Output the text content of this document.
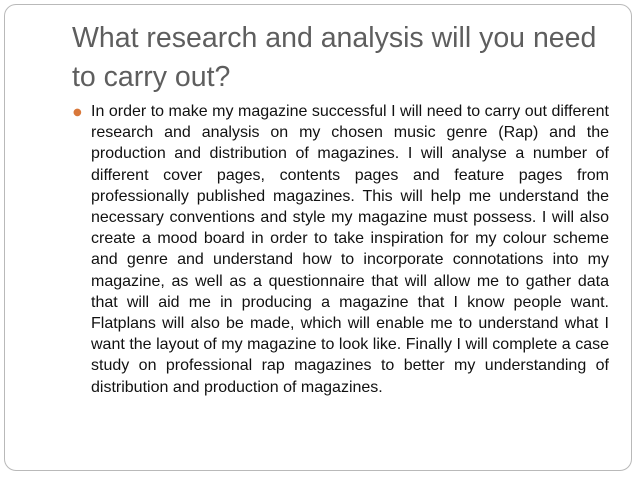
What research and analysis will you need to carry out?
● In order to make my magazine successful I will need to carry out different research and analysis on my chosen music genre (Rap) and the production and distribution of magazines. I will analyse a number of different cover pages, contents pages and feature pages from professionally published magazines. This will help me understand the necessary conventions and style my magazine must possess. I will also create a mood board in order to take inspiration for my colour scheme and genre and understand how to incorporate connotations into my magazine, as well as a questionnaire that will allow me to gather data that will aid me in producing a magazine that I know people want. Flatplans will also be made, which will enable me to understand what I want the layout of my magazine to look like. Finally I will complete a case study on professional rap magazines to better my understanding of distribution and production of magazines.
